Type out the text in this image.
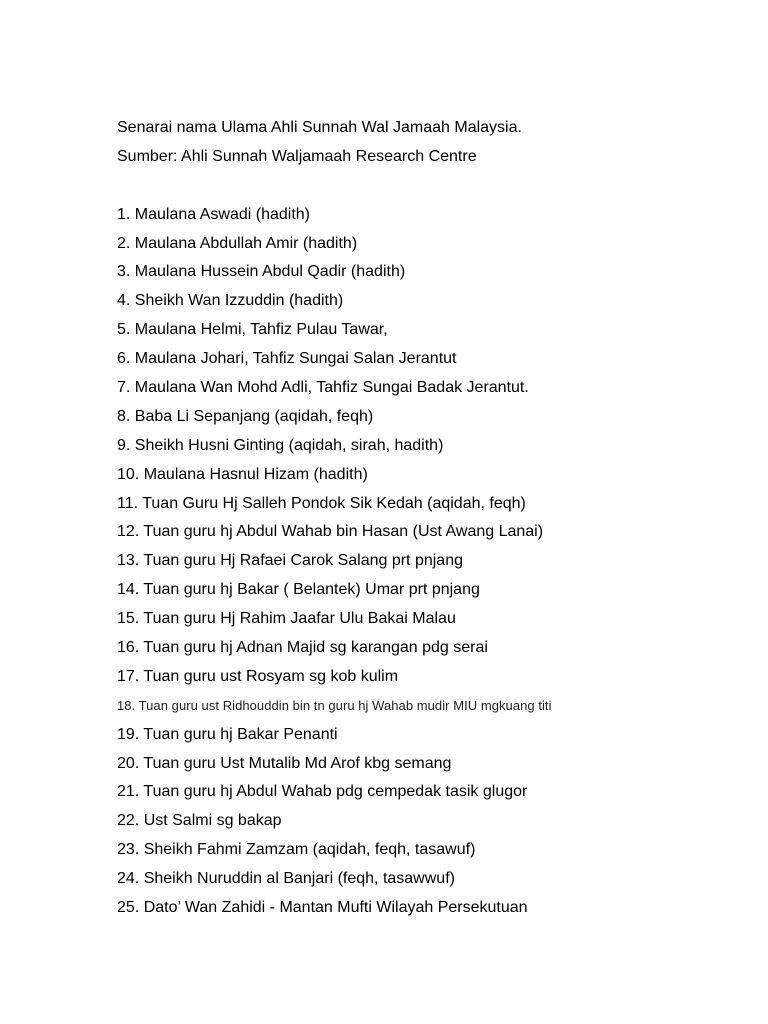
Senarai nama Ulama Ahli Sunnah Wal Jamaah Malaysia.
Sumber: Ahli Sunnah Waljamaah Research Centre
1. Maulana Aswadi (hadith)
2. Maulana Abdullah Amir (hadith)
3. Maulana Hussein Abdul Qadir (hadith)
4. Sheikh Wan Izzuddin (hadith)
5. Maulana Helmi, Tahfiz Pulau Tawar,
6. Maulana Johari, Tahfiz Sungai Salan Jerantut
7. Maulana Wan Mohd Adli, Tahfiz Sungai Badak Jerantut.
8. Baba Li Sepanjang (aqidah, feqh)
9. Sheikh Husni Ginting (aqidah, sirah, hadith)
10. Maulana Hasnul Hizam (hadith)
11. Tuan Guru Hj Salleh Pondok Sik Kedah (aqidah, feqh)
12. Tuan guru hj Abdul Wahab bin Hasan (Ust Awang Lanai)
13. Tuan guru Hj Rafaei Carok Salang prt pnjang
14. Tuan guru hj Bakar ( Belantek) Umar prt pnjang
15. Tuan guru Hj Rahim Jaafar Ulu Bakai Malau
16. Tuan guru hj Adnan Majid sg karangan pdg serai
17. Tuan guru ust Rosyam sg kob kulim
18. Tuan guru ust Ridhouddin bin tn guru hj Wahab mudir MIU mgkuang titi
19. Tuan guru hj Bakar Penanti
20. Tuan guru Ust Mutalib Md Arof kbg semang
21. Tuan guru hj Abdul Wahab pdg cempedak tasik glugor
22. Ust Salmi sg bakap
23. Sheikh Fahmi Zamzam (aqidah, feqh, tasawuf)
24. Sheikh Nuruddin al Banjari (feqh, tasawwuf)
25. Dato’ Wan Zahidi - Mantan Mufti Wilayah Persekutuan
